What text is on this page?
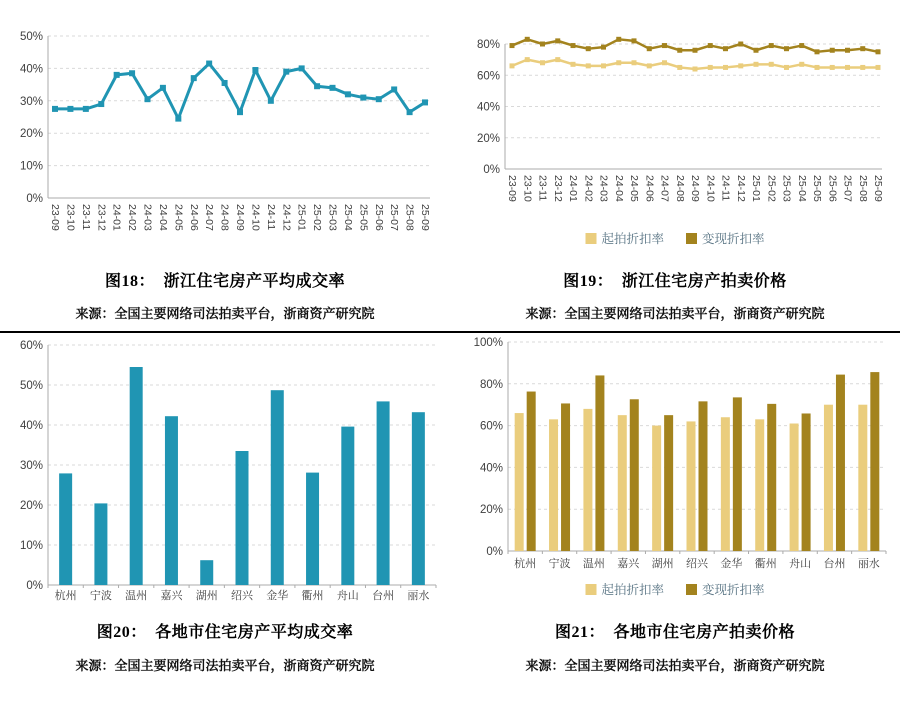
0%
10%
20%
30%
40%
50%
23-09 23-10 23-11 23-12 24-01 24-02 24-03 24-04 24-05 24-06 24-07 24-08 24-09 24-10 24-11 24-12 25-01 25-02 25-03 25-04 25-05 25-06 25-07 25-08 25-09
图18：　浙江住宅房产平均成交率
来源：全国主要网络司法拍卖平台，浙商资产研究院
0%
20%
40%
60%
80%
23-09 23-10 23-11 23-12 24-01 24-02 24-03 24-04 24-05 24-06 24-07 24-08 24-09 24-10 24-11 24-12 25-01 25-02 25-03 25-04 25-05 25-06 25-07 25-08 25-09
起拍折扣率	变现折扣率
图19：　浙江住宅房产拍卖价格
来源：全国主要网络司法拍卖平台，浙商资产研究院
0%
10%
20%
30%
40%
50%
60%
杭州 宁波 温州 嘉兴 湖州 绍兴 金华 衢州 舟山 台州 丽水
图20：　各地市住宅房产平均成交率
来源：全国主要网络司法拍卖平台，浙商资产研究院
0%
20%
40%
60%
80%
100%
杭州 宁波 温州 嘉兴 湖州 绍兴 金华 衢州 舟山 台州 丽水
起拍折扣率	变现折扣率
图21：　各地市住宅房产拍卖价格
来源：全国主要网络司法拍卖平台，浙商资产研究院
